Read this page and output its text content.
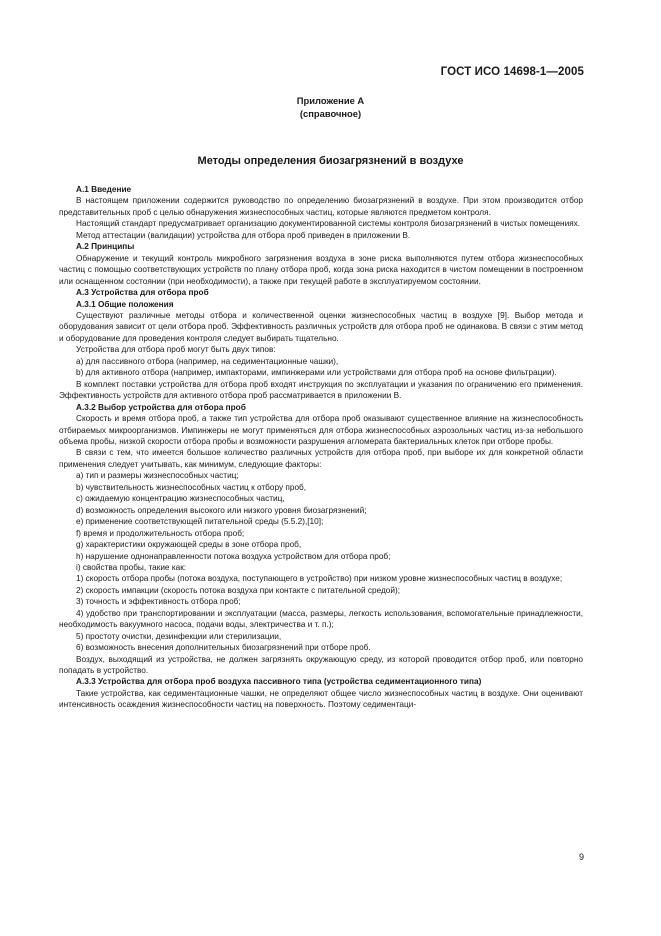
ГОСТ ИСО 14698-1—2005
Приложение А
(справочное)
Методы определения биозагрязнений в воздухе

А.1 Введение

В настоящем приложении содержится руководство по определению биозагрязнений в воздухе. При этом производится отбор представительных проб с целью обнаружения жизнеспособных частиц, которые являются предметом контроля.

Настоящий стандарт предусматривает организацию документированной системы контроля биозагрязнений в чистых помещениях.

Метод аттестации (валидации) устройства для отбора проб приведен в приложении В.

А.2 Принципы

Обнаружение и текущий контроль микробного загрязнения воздуха в зоне риска выполняются путем отбора жизнеспособных частиц с помощью соответствующих устройств по плану отбора проб, когда зона риска находится в чистом помещении в построенном или оснащенном состоянии (при необходимости), а также при текущей работе в эксплуатируемом состоянии.

А.3 Устройства для отбора проб

А.3.1 Общие положения

Существуют различные методы отбора и количественной оценки жизнеспособных частиц в воздухе [9]. Выбор метода и оборудования зависит от цели отбора проб. Эффективность различных устройств для отбора проб не одинакова. В связи с этим метод и оборудование для проведения контроля следует выбирать тщательно.

Устройства для отбора проб могут быть двух типов:

а) для пассивного отбора (например, на седиментационные чашки),

b) для активного отбора (например, импакторами, импинжерами или устройствами для отбора проб на основе фильтрации).

В комплект поставки устройства для отбора проб входят инструкция по эксплуатации и указания по ограничению его применения. Эффективность устройств для активного отбора проб рассматривается в приложении В.

А.3.2 Выбор устройства для отбора проб

Скорость и время отбора проб, а также тип устройства для отбора проб оказывают существенное влияние на жизнеспособность отбираемых микроорганизмов. Импинжеры не могут применяться для отбора жизнеспособных аэрозольных частиц из-за небольшого объема пробы, низкой скорости отбора пробы и возможности разрушения агломерата бактериальных клеток при отборе пробы.

В связи с тем, что имеется большое количество различных устройств для отбора проб, при выборе их для конкретной области применения следует учитывать, как минимум, следующие факторы:

a) тип и размеры жизнеспособных частиц;

b) чувствительность жизнеспособных частиц к отбору проб,

c) ожидаемую концентрацию жизнеспособных частиц,

d) возможность определения высокого или низкого уровня биозагрязнений;

e) применение соответствующей питательной среды (5.5.2),[10];

f) время и продолжительность отбора проб;

g) характеристики окружающей среды в зоне отбора проб,

h) нарушение однонаправленности потока воздуха устройством для отбора проб;

i) свойства пробы, такие как:

1) скорость отбора пробы (потока воздуха, поступающего в устройство) при низком уровне жизнеспособных частиц в воздухе;

2) скорость импакции (скорость потока воздуха при контакте с питательной средой);

3) точность и эффективность отбора проб;

4) удобство при транспортировании и эксплуатации (масса, размеры, легкость использования, вспомогательные принадлежности, необходимость вакуумного насоса, подачи воды, электричества и т. п.);

5) простоту очистки, дезинфекции или стерилизации,

6) возможность внесения дополнительных биозагрязнений при отборе проб.

Воздух, выходящий из устройства, не должен загрязнять окружающую среду, из которой проводится отбор проб, или повторно попадать в устройство.

А.3.3 Устройства для отбора проб воздуха пассивного типа (устройства седиментационного типа)

Такие устройства, как седиментационные чашки, не определяют общее число жизнеспособных частиц в воздухе. Они оценивают интенсивность осаждения жизнеспособности частиц на поверхность. Поэтому седиментаци-

9
